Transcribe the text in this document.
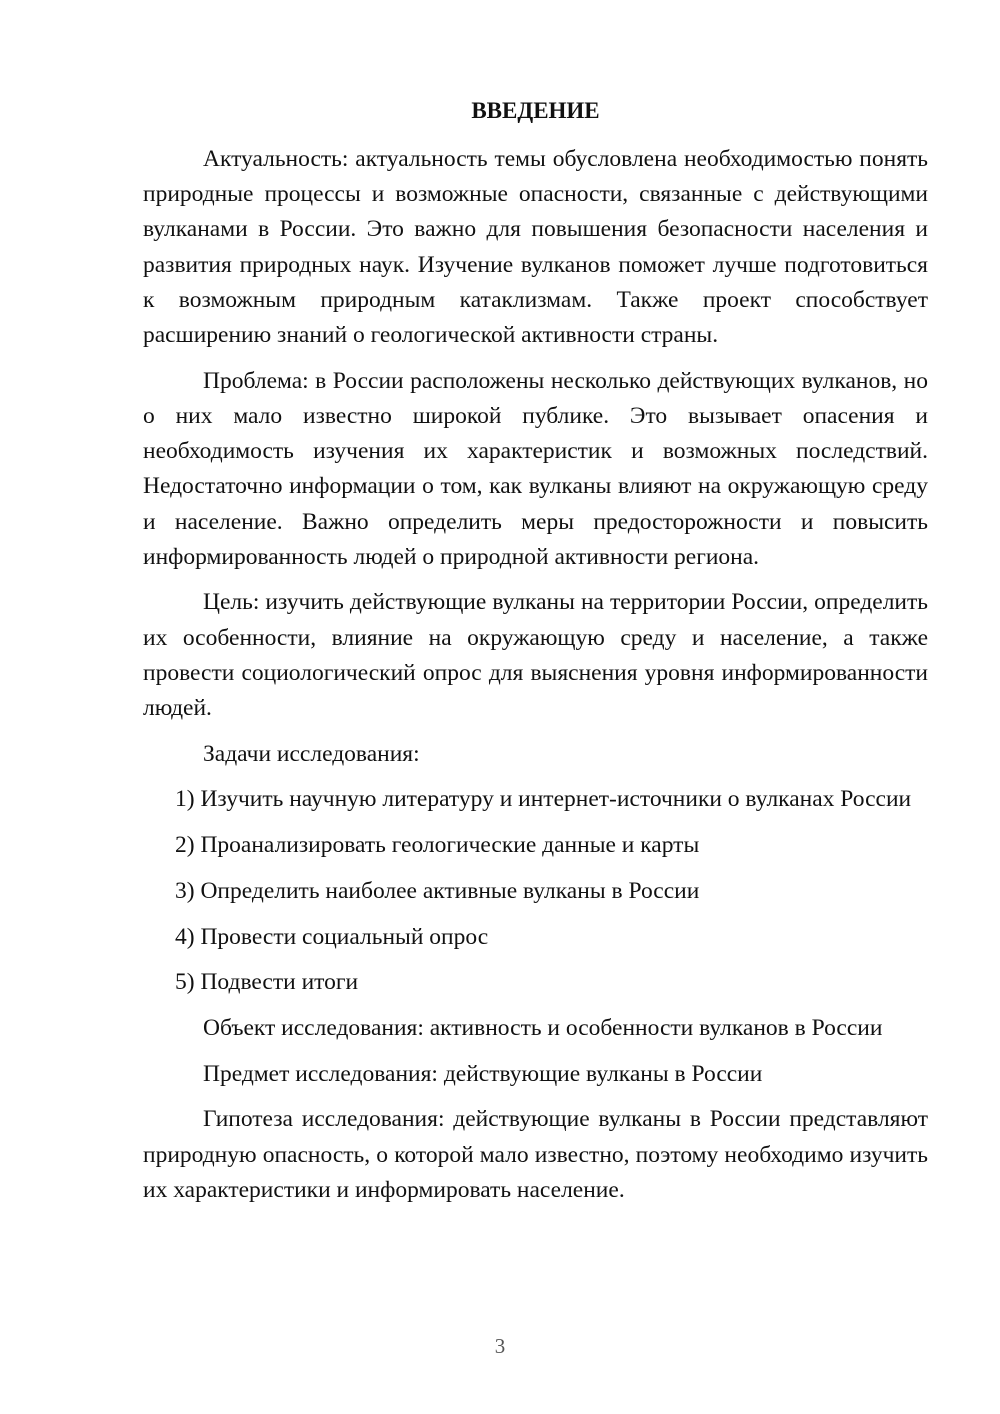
ВВЕДЕНИЕ

Актуальность: актуальность темы обусловлена необходимостью понять природные процессы и возможные опасности, связанные с действующими вулканами в России. Это важно для повышения безопасности населения и развития природных наук. Изучение вулканов поможет лучше подготовиться к возможным природным катаклизмам. Также проект способствует расширению знаний о геологической активности страны.

Проблема: в России расположены несколько действующих вулканов, но о них мало известно широкой публике. Это вызывает опасения и необходимость изучения их характеристик и возможных последствий. Недостаточно информации о том, как вулканы влияют на окружающую среду и население. Важно определить меры предосторожности и повысить информированность людей о природной активности региона.

Цель: изучить действующие вулканы на территории России, определить их особенности, влияние на окружающую среду и население, а также провести социологический опрос для выяснения уровня информированности людей.

Задачи исследования:

1) Изучить научную литературу и интернет-источники о вулканах России

2) Проанализировать геологические данные и карты

3) Определить наиболее активные вулканы в России

4) Провести социальный опрос

5) Подвести итоги

Объект исследования: активность и особенности вулканов в России

Предмет исследования: действующие вулканы в России

Гипотеза исследования: действующие вулканы в России представляют природную опасность, о которой мало известно, поэтому необходимо изучить их характеристики и информировать население.

3
